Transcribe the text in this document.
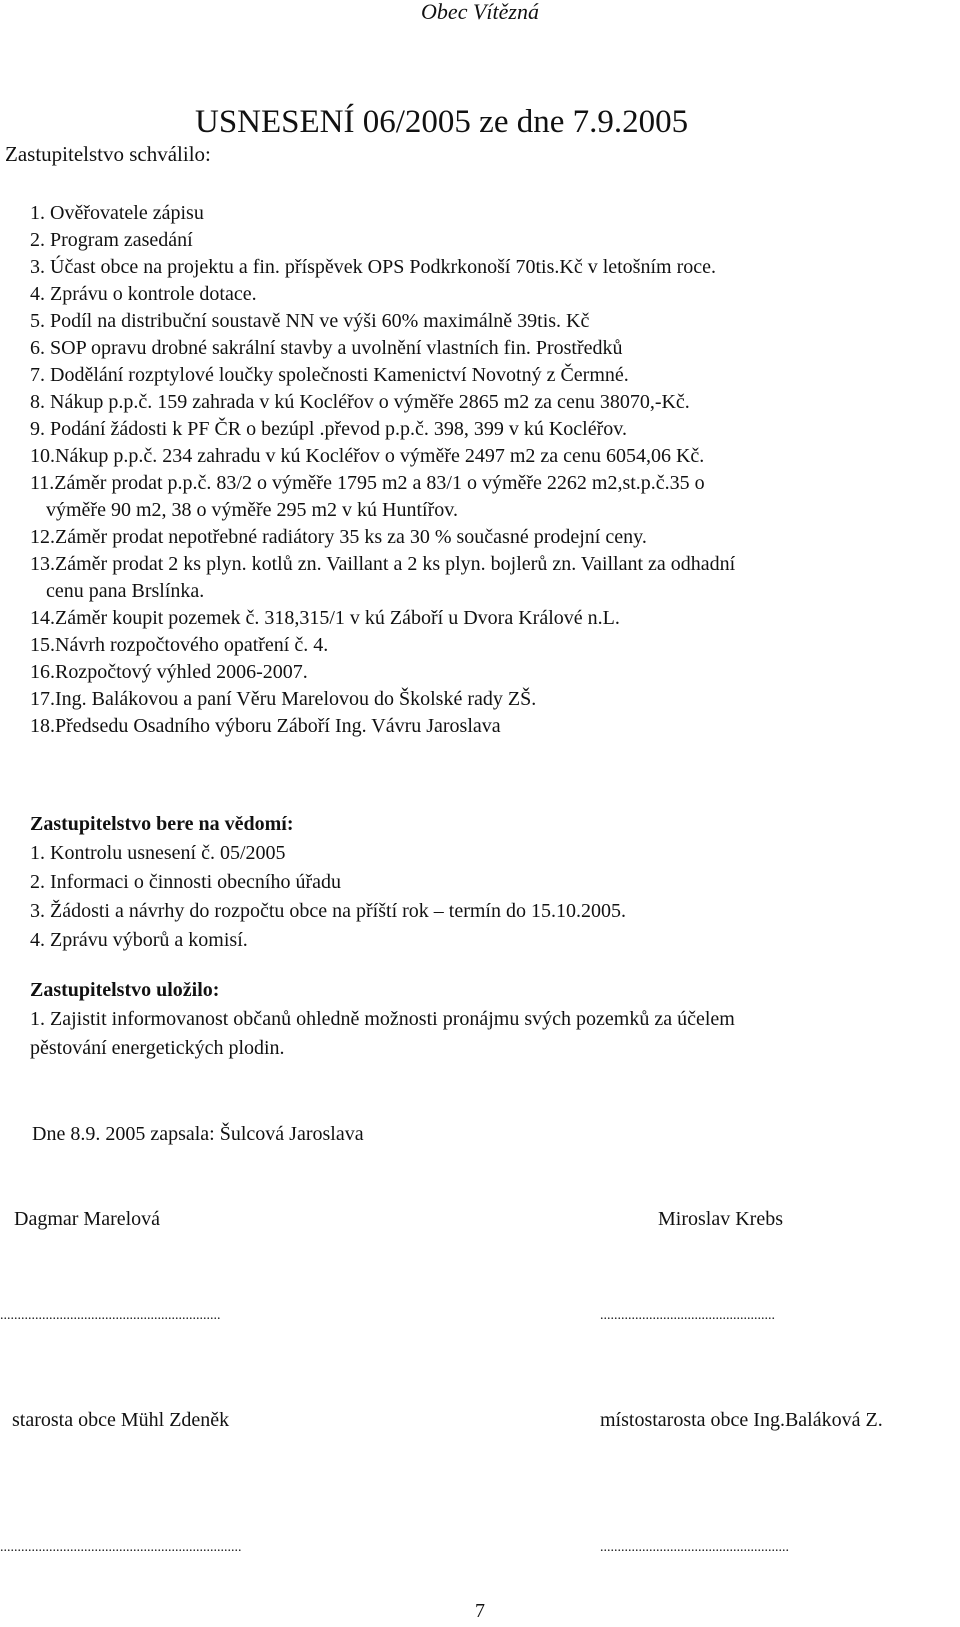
Obec Vítězná
USNESENÍ 06/2005 ze dne 7.9.2005
Zastupitelstvo schválilo:
1. Ověřovatele zápisu
2. Program zasedání
3. Účast obce na projektu a fin. příspěvek OPS Podkrkonoší 70tis.Kč v letošním roce.
4. Zprávu o kontrole dotace.
5. Podíl na distribuční soustavě NN ve výši 60% maximálně 39tis. Kč
6. SOP opravu drobné sakrální stavby a uvolnění vlastních fin. Prostředků
7. Dodělání rozptylové loučky společnosti Kamenictví Novotný z Čermné.
8. Nákup p.p.č. 159 zahrada v kú Kocléřov o výměře 2865 m2 za cenu 38070,-Kč.
9. Podání žádosti k PF ČR o bezúpl .převod p.p.č. 398, 399 v kú Kocléřov.
10.Nákup p.p.č. 234 zahradu v kú Kocléřov o výměře 2497 m2 za cenu 6054,06 Kč.
11.Záměr prodat p.p.č. 83/2 o výměře 1795 m2 a 83/1 o výměře 2262 m2,st.p.č.35 o
výměře 90 m2, 38 o výměře 295 m2 v kú Huntířov.
12.Záměr prodat nepotřebné radiátory 35 ks za 30 % současné prodejní ceny.
13.Záměr prodat 2 ks plyn. kotlů zn. Vaillant a 2 ks plyn. bojlerů zn. Vaillant za odhadní
cenu pana Brslínka.
14.Záměr koupit pozemek č. 318,315/1 v kú Záboří u Dvora Králové n.L.
15.Návrh rozpočtového opatření č. 4.
16.Rozpočtový výhled 2006-2007.
17.Ing. Balákovou a paní Věru Marelovou do Školské rady ZŠ.
18.Předsedu Osadního výboru Záboří Ing. Vávru Jaroslava
Zastupitelstvo bere na vědomí:

1. Kontrolu usnesení č. 05/2005

2. Informaci o činnosti obecního úřadu

3. Žádosti a návrhy do rozpočtu obce na příští rok – termín do 15.10.2005.

4. Zprávu výborů a komisí.

Zastupitelstvo uložilo:

1. Zajistit informovanost občanů ohledně možnosti pronájmu svých pozemků za účelem

pěstování energetických plodin.

Dne 8.9. 2005 zapsala: Šulcová Jaroslava
Dagmar Marelová	Miroslav Krebs
...............................................................	..................................................
starosta obce Mühl Zdeněk	místostarosta obce Ing.Baláková Z.
.....................................................................	......................................................
7
